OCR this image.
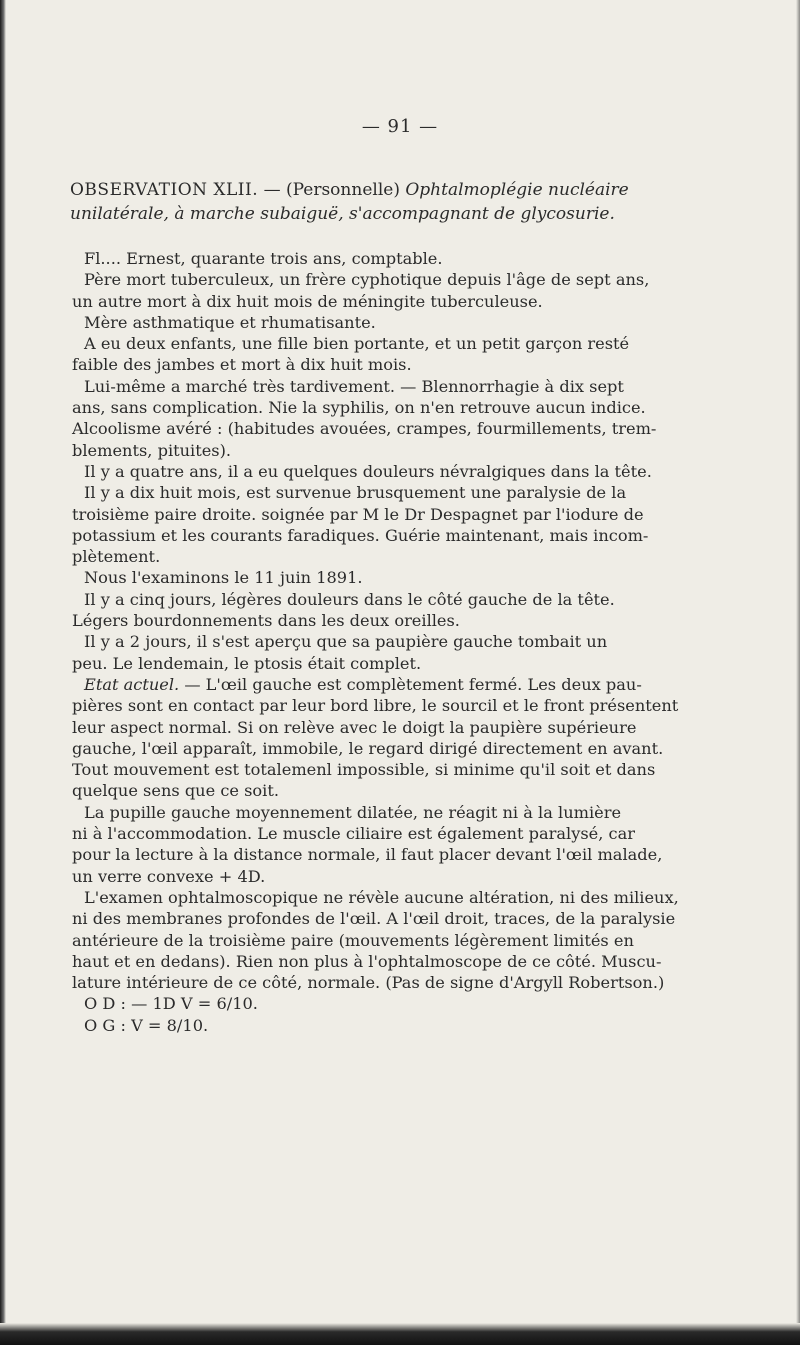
— 91 —
OBSERVATION XLII. — (Personnelle) Ophtalmoplégie nucléaire
unilatérale, à marche subaiguë, s'accompagnant de glycosurie.
Fl.... Ernest, quarante trois ans, comptable.
Père mort tuberculeux, un frère cyphotique depuis l'âge de sept ans,
un autre mort à dix huit mois de méningite tuberculeuse.
Mère asthmatique et rhumatisante.
A eu deux enfants, une fille bien portante, et un petit garçon resté
faible des jambes et mort à dix huit mois.
Lui-même a marché très tardivement. — Blennorrhagie à dix sept
ans, sans complication. Nie la syphilis, on n'en retrouve aucun indice.
Alcoolisme avéré : (habitudes avouées, crampes, fourmillements, trem-
blements, pituites).
Il y a quatre ans, il a eu quelques douleurs névralgiques dans la tête.
Il y a dix huit mois, est survenue brusquement une paralysie de la
troisième paire droite. soignée par M le Dr Despagnet par l'iodure de
potassium et les courants faradiques. Guérie maintenant, mais incom-
plètement.
Nous l'examinons le 11 juin 1891.
Il y a cinq jours, légères douleurs dans le côté gauche de la tête.
Légers bourdonnements dans les deux oreilles.
Il y a 2 jours, il s'est aperçu que sa paupière gauche tombait un
peu. Le lendemain, le ptosis était complet.
Etat actuel. — L'œil gauche est complètement fermé. Les deux pau-
pières sont en contact par leur bord libre, le sourcil et le front présentent
leur aspect normal. Si on relève avec le doigt la paupière supérieure
gauche, l'œil apparaît, immobile, le regard dirigé directement en avant.
Tout mouvement est totalemenl impossible, si minime qu'il soit et dans
quelque sens que ce soit.
La pupille gauche moyennement dilatée, ne réagit ni à la lumière
ni à l'accommodation. Le muscle ciliaire est également paralysé, car
pour la lecture à la distance normale, il faut placer devant l'œil malade,
un verre convexe + 4D.
L'examen ophtalmoscopique ne révèle aucune altération, ni des milieux,
ni des membranes profondes de l'œil. A l'œil droit, traces, de la paralysie
antérieure de la troisième paire (mouvements légèrement limités en
haut et en dedans). Rien non plus à l'ophtalmoscope de ce côté. Muscu-
lature intérieure de ce côté, normale. (Pas de signe d'Argyll Robertson.)
O D : — 1D V = 6/10.
O G : V = 8/10.
